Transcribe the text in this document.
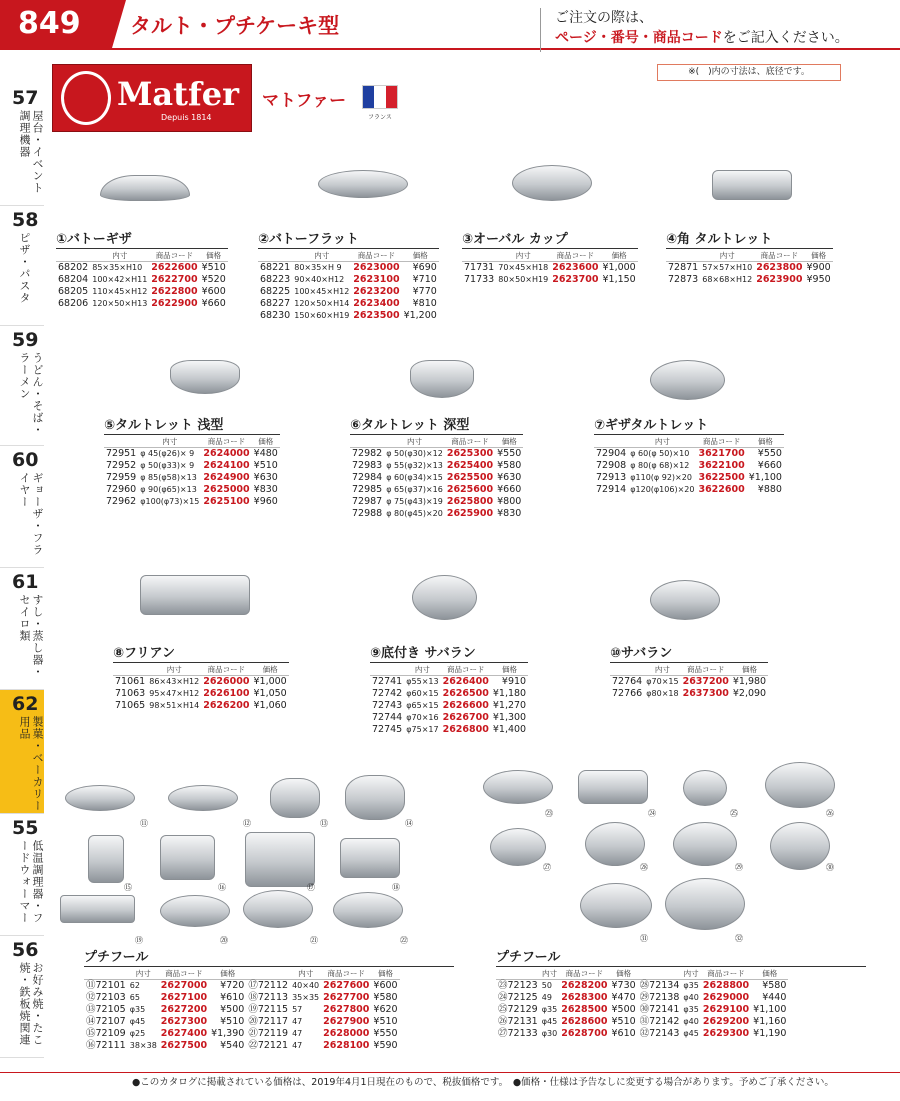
849	タルト・プチケーキ型	ご注文の際は、
ページ・番号・商品コードをご記入ください。
※(　)内の寸法は、底径です。
57
屋台・イベント調理機器
58
ピザ・パスタ
59
うどん・そば・ラーメン
60
ギョーザ・フライヤー
61
すし・蒸し器・セイロ類
62
製菓・ベーカリー用品
55
低温調理器・フードウォーマー
56
お好み焼・たこ焼・鉄板焼関連
Matfer
Depuis 1814
マトファー
フランス
⑪	⑫	⑬	⑭
⑮	⑯	⑰	⑱
⑲	⑳	㉑	㉒
㉓	㉔	㉕	㉖
㉗	㉘	㉙	㉚
㉛	㉜
①バトーギザ
	内寸	商品コード	価格
68202	85×35×H10	2622600	¥510
68204	100×42×H11	2622700	¥520
68205	110×45×H12	2622800	¥600
68206	120×50×H13	2622900	¥660
②バトーフラット
	内寸	商品コード	価格
68221	80×35×H 9	2623000	¥690
68223	90×40×H12	2623100	¥710
68225	100×45×H12	2623200	¥770
68227	120×50×H14	2623400	¥810
68230	150×60×H19	2623500	¥1,200
③オーバル カップ
	内寸	商品コード	価格
71731	70×45×H18	2623600	¥1,000
71733	80×50×H19	2623700	¥1,150
④角 タルトレット
	内寸	商品コード	価格
72871	57×57×H10	2623800	¥900
72873	68×68×H12	2623900	¥950
⑤タルトレット 浅型
	内寸	商品コード	価格
72951	φ 45(φ26)× 9	2624000	¥480
72952	φ 50(φ33)× 9	2624100	¥510
72959	φ 85(φ58)×13	2624900	¥630
72960	φ 90(φ65)×13	2625000	¥830
72962	φ100(φ73)×15	2625100	¥960
⑥タルトレット 深型
	内寸	商品コード	価格
72982	φ 50(φ30)×12	2625300	¥550
72983	φ 55(φ32)×13	2625400	¥580
72984	φ 60(φ34)×15	2625500	¥630
72985	φ 65(φ37)×16	2625600	¥660
72987	φ 75(φ43)×19	2625800	¥800
72988	φ 80(φ45)×20	2625900	¥830
⑦ギザタルトレット
	内寸	商品コード	価格
72904	φ 60(φ 50)×10	3621700	¥550
72908	φ 80(φ 68)×12	3622100	¥660
72913	φ110(φ 92)×20	3622500	¥1,100
72914	φ120(φ106)×20	3622600	¥880
⑧フリアン
	内寸	商品コード	価格
71061	86×43×H12	2626000	¥1,000
71063	95×47×H12	2626100	¥1,050
71065	98×51×H14	2626200	¥1,060
⑨底付き サバラン
	内寸	商品コード	価格
72741	φ55×13	2626400	¥910
72742	φ60×15	2626500	¥1,180
72743	φ65×15	2626600	¥1,270
72744	φ70×16	2626700	¥1,300
72745	φ75×17	2626800	¥1,400
⑩サバラン
	内寸	商品コード	価格
72764	φ70×15	2637200	¥1,980
72766	φ80×18	2637300	¥2,090
プチフール
	内寸	商品コード	価格		内寸	商品コード	価格
⑪72101	62	2627000	¥720	⑰72112	40×40	2627600	¥600
⑫72103	65	2627100	¥610	⑱72113	35×35	2627700	¥580
⑬72105	φ35	2627200	¥500	⑲72115	57	2627800	¥620
⑭72107	φ45	2627300	¥510	⑳72117	47	2627900	¥510
⑮72109	φ25	2627400	¥1,390	㉑72119	47	2628000	¥550
⑯72111	38×38	2627500	¥540	㉒72121	47	2628100	¥590
プチフール
	内寸	商品コード	価格		内寸	商品コード	価格
㉓72123	50	2628200	¥730	㉘72134	φ35	2628800	¥580
㉔72125	49	2628300	¥470	㉙72138	φ40	2629000	¥440
㉕72129	φ35	2628500	¥500	㉚72141	φ35	2629100	¥1,100
㉖72131	φ45	2628600	¥510	㉛72142	φ40	2629200	¥1,160
㉗72133	φ30	2628700	¥610	㉜72143	φ45	2629300	¥1,190
●このカタログに掲載されている価格は、2019年4月1日現在のもので、税抜価格です。　●価格・仕様は予告なしに変更する場合があります。予めご了承ください。
